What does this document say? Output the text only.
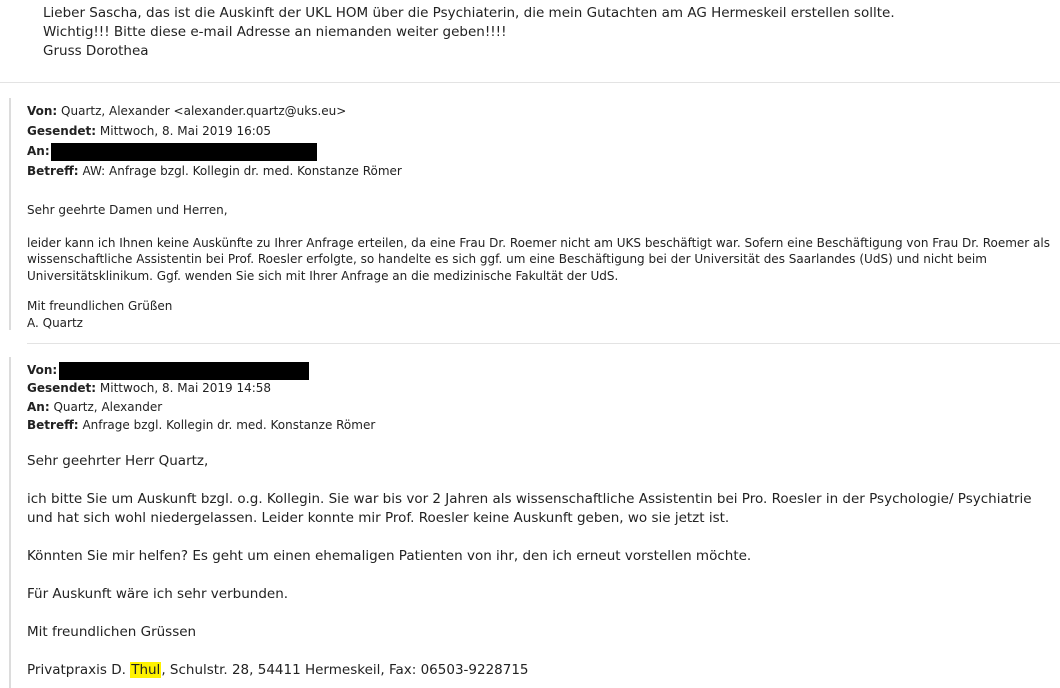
Lieber Sascha, das ist die Auskinft der UKL HOM über die Psychiaterin, die mein Gutachten am AG Hermeskeil erstellen sollte.
Wichtig!!! Bitte diese e-mail Adresse an niemanden weiter geben!!!!
Gruss Dorothea
Von: Quartz, Alexander <alexander.quartz@uks.eu>
Gesendet: Mittwoch, 8. Mai 2019 16:05
An:
Betreff: AW: Anfrage bzgl. Kollegin dr. med. Konstanze Römer

Sehr geehrte Damen und Herren,

leider kann ich Ihnen keine Auskünfte zu Ihrer Anfrage erteilen, da eine Frau Dr. Roemer nicht am UKS beschäftigt war. Sofern eine Beschäftigung von Frau Dr. Roemer als wissenschaftliche Assistentin bei Prof. Roesler erfolgte, so handelte es sich ggf. um eine Beschäftigung bei der Universität des Saarlandes (UdS) und nicht beim Universitätsklinikum. Ggf. wenden Sie sich mit Ihrer Anfrage an die medizinische Fakultät der UdS.

Mit freundlichen Grüßen

A. Quartz

Von:
Gesendet: Mittwoch, 8. Mai 2019 14:58
An: Quartz, Alexander
Betreff: Anfrage bzgl. Kollegin dr. med. Konstanze Römer

Sehr geehrter Herr Quartz,

ich bitte Sie um Auskunft bzgl. o.g. Kollegin. Sie war bis vor 2 Jahren als wissenschaftliche Assistentin bei Pro. Roesler in der Psychologie/ Psychiatrie und hat sich wohl niedergelassen. Leider konnte mir Prof. Roesler keine Auskunft geben, wo sie jetzt ist.

Könnten Sie mir helfen? Es geht um einen ehemaligen Patienten von ihr, den ich erneut vorstellen möchte.

Für Auskunft wäre ich sehr verbunden.

Mit freundlichen Grüssen

Privatpraxis D. Thul, Schulstr. 28, 54411 Hermeskeil, Fax: 06503-9228715
